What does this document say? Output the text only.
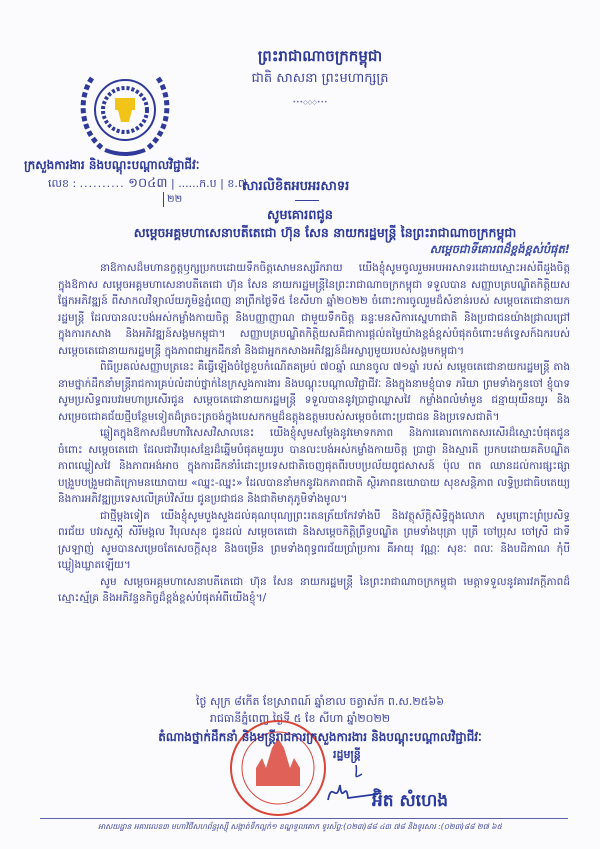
ព្រះរាជាណាចក្រកម្ពុជា
ជាតិ សាសនា ព្រះមហាក្សត្រ
•••◇◇◇•••
ក្រសួងការងារ និងបណ្ដុះបណ្ដាលវិជ្ជាជីវៈ
លេខ : .......... ១០៤៣ | ......ក.ប | ខ.៧
២២
សារលិខិតអបអរសាទរ
សូមគោរពជូន
សម្ដេចអគ្គមហាសេនាបតីតេជោ ហ៊ុន សែន នាយករដ្ឋមន្ត្រី នៃព្រះរាជាណាចក្រកម្ពុជា
សម្ដេចជាទីគោរពដ៏ខ្ពង់ខ្ពស់បំផុត!

នាឱកាសដ៏មហានក្ខត្តឫក្សប្រកបដោយទឹកចិត្តសោមនស្សរីករាយ យើងខ្ញុំសូមចូលរួមអបអរសាទរដោយស្មោះអស់ពីដួងចិត្តក្នុងឱកាស សម្ដេចអគ្គមហាសេនាបតីតេជោ ហ៊ុន សែន នាយករដ្ឋមន្ត្រីនៃព្រះរាជាណាចក្រកម្ពុជា ទទួលបាន សញ្ញាបត្របណ្ឌិតកិត្តិយសផ្នែកអភិវឌ្ឍន៍ ពីសាកលវិទ្យាល័យភូមិន្ទភ្នំពេញ នាព្រឹកថ្ងៃទី៥ ខែសីហា ឆ្នាំ២០២២ ចំពោះការចូលរួមដ៏សំខាន់របស់ សម្ដេចតេជោនាយករដ្ឋមន្ត្រី ដែលបានលះបង់អស់កម្លាំងកាយចិត្ត និងបញ្ញាញាណ ជាមួយទឹកចិត្ត ឆន្ទៈមនសិការស្នេហាជាតិ និងប្រជាជនយ៉ាងជ្រាលជ្រៅ ក្នុងការកសាង និងអភិវឌ្ឍន៍សង្គមកម្ពុជា។ សញ្ញាបត្របណ្ឌិតកិត្តិយសគឺជាការផ្ដល់តម្លៃយ៉ាងខ្ពង់ខ្ពស់បំផុតចំពោះមត៌ទ្វេសក៍ឯករបស់សម្ដេចតេជោនាយករដ្ឋមន្ត្រី ក្នុងភាពជាអ្នកដឹកនាំ និងជាអ្នកកសាងអភិវឌ្ឍន៍ដ៏អស្ចារ្យមួយរបស់សង្គមកម្ពុជា។

ពិធីប្រគល់សញ្ញាបត្រនេះ គឺធ្វើឡើងចំថ្ងៃខួបកំណើតគម្រប់ ៧០ឆ្នាំ ឈានចូល ៧១ឆ្នាំ របស់ សម្ដេចតេជោនាយករដ្ឋមន្ត្រី តាងនាមថ្នាក់ដឹកនាំមន្ត្រីរាជការគ្រប់លំដាប់ថ្នាក់នៃក្រសួងការងារ និងបណ្ដុះបណ្ដាលវិជ្ជាជីវៈ និងក្នុងនាមខ្ញុំបាទ ភរិយា ព្រមទាំងកូនចៅ ខ្ញុំបាទសូមប្រសិទ្ធពរបវរមហាប្រសើរជូន សម្ដេចតេជោនាយករដ្ឋមន្ត្រី ទទួលបាននូវប្រាជ្ញាឈ្លាសវៃ កម្លាំងពលំមាំមួន ជន្មាយុយឺនយូរ និងសម្រេចជោគជ័យថ្មីបន្ថែមទៀតដ៏ត្រចះត្រចង់ក្នុងបេសកកម្មដ៏ឧត្ដុងឧត្ដមរបស់សម្ដេចចំពោះប្រជាជន និងប្រទេសជាតិ។

ឆ្លៀតក្នុងឱកាសដ៏មហាវិសេសវិសាលនេះ យើងខ្ញុំសូមសម្ដែងនូវមោទកភាព និងការគោរពកោតសរសើរដ៏ស្មោះបំផុតជូនចំពោះ សម្ដេចតេជោ ដែលជាវីរបុរសខ្មែរដ៏ឆ្នើមបំផុតមួយរូប បានលះបង់អស់កម្លាំងកាយចិត្ត ប្រាជ្ញា និងស្មារតី ប្រកបដោយគតិបណ្ឌិត ភាពឈ្លៀសវៃ និងភាពអង់អាច ក្នុងការដឹកនាំរំដោះប្រទេសជាតិចេញផុតពីរបបប្រល័យពូជសាសន៍ ប៉ុល ពត ឈានដល់ការផ្សះផ្សា បង្រួបបង្រួមជាតិក្រោមនយោបាយ «ឈ្នះ-ឈ្នះ» ដែលបាននាំមកនូវឯកភាពជាតិ ស្ថិរភាពនយោបាយ សុខសន្តិភាព លទ្ធិប្រជាធិបតេយ្យ និងការអភិវឌ្ឍប្រទេសលើគ្រប់វិស័យ ជូនប្រជាជន និងជាតិមាតុភូមិទាំងមូល។

ជាថ្មីម្ដងទៀត យើងខ្ញុំសូមបួងសួងដល់គុណបុណ្យព្រះរតនត្រ័យកែវទាំងបី និងវត្ថុស័ក្ដិសិទ្ធិក្នុងលោក សូមព្រោះព្រំប្រសិទ្ធពរជ័យ បវរសួស្ដី សិរីមង្គល វិបុលសុខ ជូនដល់ សម្ដេចតេជោ និងសម្ដេចកិត្តិព្រឹទ្ធបណ្ឌិត ព្រមទាំងបុត្រា បុត្រី ចៅប្រុស ចៅស្រី ជាទីស្រឡាញ់ សូមបានសម្រេចតែសេចក្ដីសុខ និងចម្រើន ព្រមទាំងពុទ្ធពរជ័យប្រាំប្រការ គឺអាយុ វណ្ណៈ សុខៈ ពលៈ និងបដិភាណ កុំបីឃ្លៀងឃ្លាតឡើយ។

សូម សម្ដេចអគ្គមហាសេនាបតីតេជោ ហ៊ុន សែន នាយករដ្ឋមន្ត្រី នៃព្រះរាជាណាចក្រកម្ពុជា មេត្តាទទួលនូវគារវភក្ដីភាពដ៏ស្មោះស្ម័គ្រ និងអភិវន្ទនកិច្ចដ៏ខ្ពង់ខ្ពស់បំផុតអំពីយើងខ្ញុំ។/

ថ្ងៃ សុក្រ ៨កើត ខែស្រាពណ៍ ឆ្នាំខាល ចត្វាស័ក ព.ស.២៥៦៦
រាជធានីភ្នំពេញ ថ្ងៃទី ៥ ខែ សីហា ឆ្នាំ២០២២
តំណាងថ្នាក់ដឹកនាំ និងមន្ត្រីរាជការក្រសួងការងារ និងបណ្ដុះបណ្ដាលវិជ្ជាជីវៈ
រដ្ឋមន្ត្រី
អ៊ិត សំហេង
អាសយដ្ឋាន អគារលេខ៣ មហាវិថីសហព័ន្ធរុស្ស៊ី សង្កាត់ទឹកល្អក់១ ខណ្ឌទួលគោក ទូរស័ព្ទ:(០២៣)៨៨ ៤៣ ៧៨ និងទូរសារ :(០២៣)៨៨ ២៧ ៦៥
